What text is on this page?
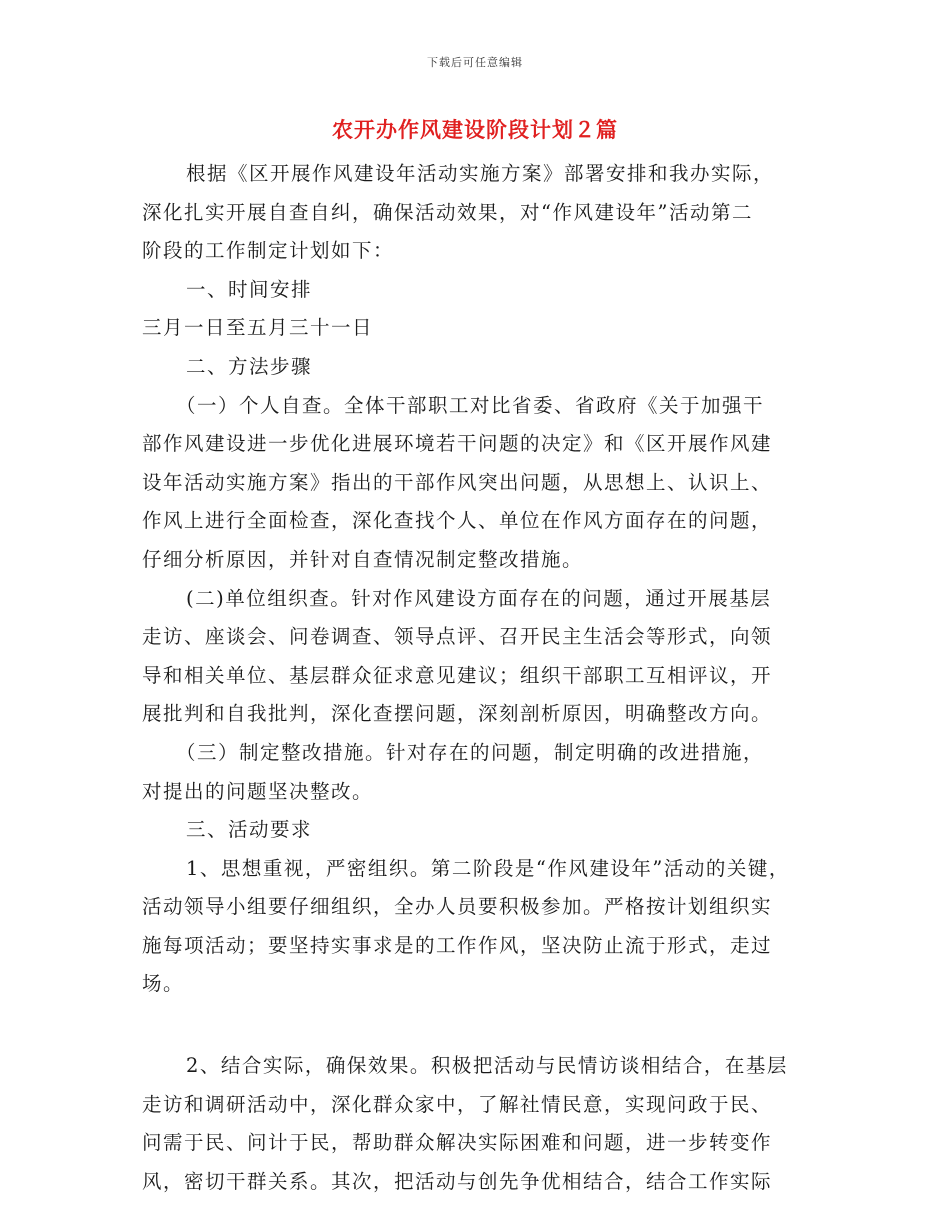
下载后可任意编辑
农开办作风建设阶段计划２篇
根据《区开展作风建设年活动实施方案》部署安排和我办实际，
深化扎实开展自查自纠，确保活动效果，对“作风建设年”活动第二
阶段的工作制定计划如下：
一、时间安排
三月一日至五月三十一日
二、方法步骤
（一）个人自查。全体干部职工对比省委、省政府《关于加强干
部作风建设进一步优化进展环境若干问题的决定》和《区开展作风建
设年活动实施方案》指出的干部作风突出问题，从思想上、认识上、
作风上进行全面检查，深化查找个人、单位在作风方面存在的问题，
仔细分析原因，并针对自查情况制定整改措施。
(二)单位组织查。针对作风建设方面存在的问题，通过开展基层
走访、座谈会、问卷调查、领导点评、召开民主生活会等形式，向领
导和相关单位、基层群众征求意见建议；组织干部职工互相评议，开
展批判和自我批判，深化查摆问题，深刻剖析原因，明确整改方向。
（三）制定整改措施。针对存在的问题，制定明确的改进措施，
对提出的问题坚决整改。
三、活动要求
1、思想重视，严密组织。第二阶段是“作风建设年”活动的关键，
活动领导小组要仔细组织，全办人员要积极参加。严格按计划组织实
施每项活动；要坚持实事求是的工作作风，坚决防止流于形式，走过
场。
2、结合实际，确保效果。积极把活动与民情访谈相结合，在基层
走访和调研活动中，深化群众家中，了解社情民意，实现问政于民、
问需于民、问计于民，帮助群众解决实际困难和问题，进一步转变作
风，密切干群关系。其次，把活动与创先争优相结合，结合工作实际
